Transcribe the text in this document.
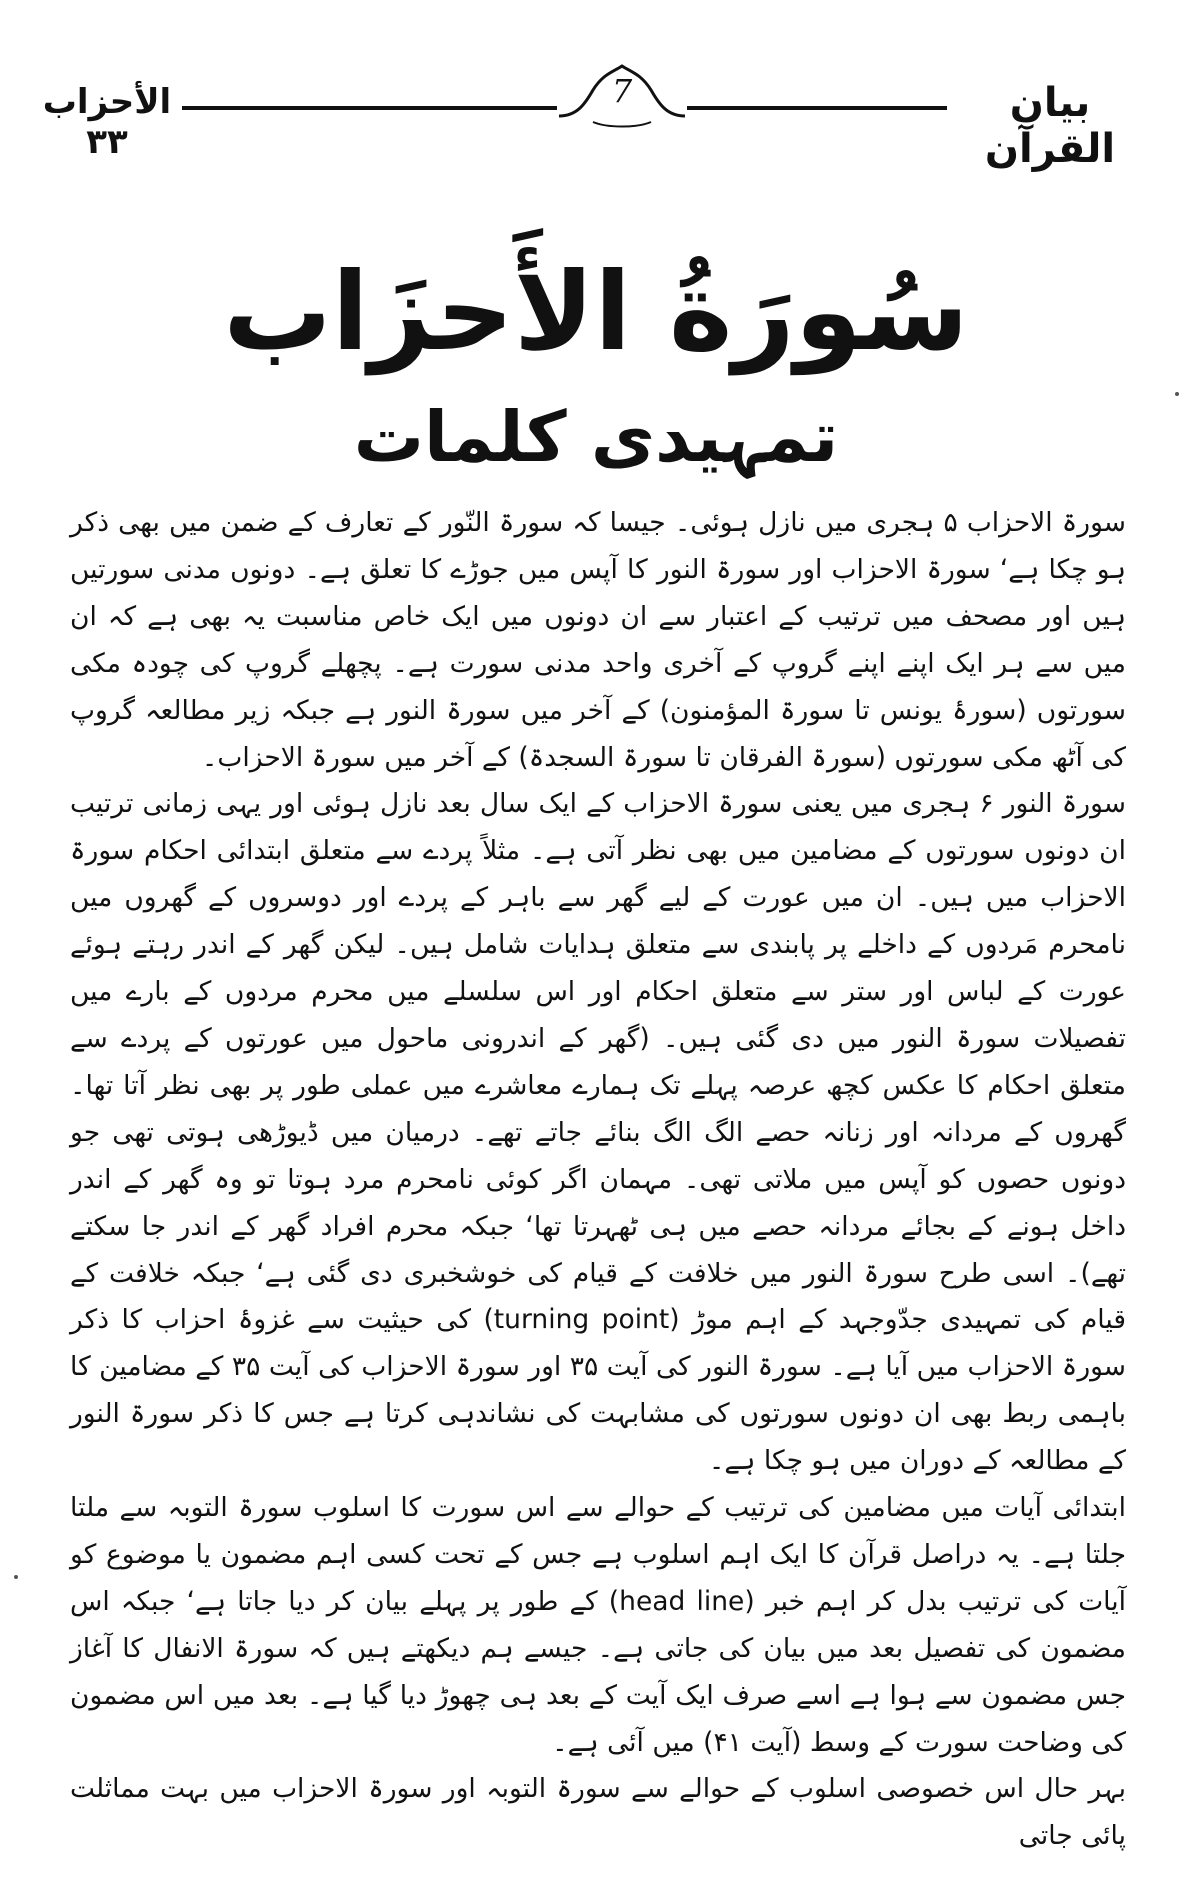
الأحزاب ۳۳
7	بیان القرآن
سُورَةُ الأَحزَاب
تمہیدی کلمات

سورۃ الاحزاب ۵ ہجری میں نازل ہوئی۔ جیسا کہ سورۃ النّور کے تعارف کے ضمن میں بھی ذکر ہو چکا ہے‘ سورۃ الاحزاب اور سورۃ النور کا آپس میں جوڑے کا تعلق ہے۔ دونوں مدنی سورتیں ہیں اور مصحف میں ترتیب کے اعتبار سے ان دونوں میں ایک خاص مناسبت یہ بھی ہے کہ ان میں سے ہر ایک اپنے اپنے گروپ کے آخری واحد مدنی سورت ہے۔ پچھلے گروپ کی چودہ مکی سورتوں (سورۂ یونس تا سورۃ المؤمنون) کے آخر میں سورۃ النور ہے جبکہ زیر مطالعہ گروپ کی آٹھ مکی سورتوں (سورۃ الفرقان تا سورۃ السجدۃ) کے آخر میں سورۃ الاحزاب۔

سورۃ النور ۶ ہجری میں یعنی سورۃ الاحزاب کے ایک سال بعد نازل ہوئی اور یہی زمانی ترتیب ان دونوں سورتوں کے مضامین میں بھی نظر آتی ہے۔ مثلاً پردے سے متعلق ابتدائی احکام سورۃ الاحزاب میں ہیں۔ ان میں عورت کے لیے گھر سے باہر کے پردے اور دوسروں کے گھروں میں نامحرم مَردوں کے داخلے پر پابندی سے متعلق ہدایات شامل ہیں۔ لیکن گھر کے اندر رہتے ہوئے عورت کے لباس اور ستر سے متعلق احکام اور اس سلسلے میں محرم مردوں کے بارے میں تفصیلات سورۃ النور میں دی گئی ہیں۔ (گھر کے اندرونی ماحول میں عورتوں کے پردے سے متعلق احکام کا عکس کچھ عرصہ پہلے تک ہمارے معاشرے میں عملی طور پر بھی نظر آتا تھا۔ گھروں کے مردانہ اور زنانہ حصے الگ الگ بنائے جاتے تھے۔ درمیان میں ڈیوڑھی ہوتی تھی جو دونوں حصوں کو آپس میں ملاتی تھی۔ مہمان اگر کوئی نامحرم مرد ہوتا تو وہ گھر کے اندر داخل ہونے کے بجائے مردانہ حصے میں ہی ٹھہرتا تھا‘ جبکہ محرم افراد گھر کے اندر جا سکتے تھے)۔ اسی طرح سورۃ النور میں خلافت کے قیام کی خوشخبری دی گئی ہے‘ جبکہ خلافت کے قیام کی تمہیدی جدّوجہد کے اہم موڑ (turning point) کی حیثیت سے غزوۂ احزاب کا ذکر سورۃ الاحزاب میں آیا ہے۔ سورۃ النور کی آیت ۳۵ اور سورۃ الاحزاب کی آیت ۳۵ کے مضامین کا باہمی ربط بھی ان دونوں سورتوں کی مشابہت کی نشاندہی کرتا ہے جس کا ذکر سورۃ النور کے مطالعہ کے دوران میں ہو چکا ہے۔

ابتدائی آیات میں مضامین کی ترتیب کے حوالے سے اس سورت کا اسلوب سورۃ التوبہ سے ملتا جلتا ہے۔ یہ دراصل قرآن کا ایک اہم اسلوب ہے جس کے تحت کسی اہم مضمون یا موضوع کو آیات کی ترتیب بدل کر اہم خبر (head line) کے طور پر پہلے بیان کر دیا جاتا ہے‘ جبکہ اس مضمون کی تفصیل بعد میں بیان کی جاتی ہے۔ جیسے ہم دیکھتے ہیں کہ سورۃ الانفال کا آغاز جس مضمون سے ہوا ہے اسے صرف ایک آیت کے بعد ہی چھوڑ دیا گیا ہے۔ بعد میں اس مضمون کی وضاحت سورت کے وسط (آیت ۴۱) میں آئی ہے۔

بہر حال اس خصوصی اسلوب کے حوالے سے سورۃ التوبہ اور سورۃ الاحزاب میں بہت مماثلت پائی جاتی
